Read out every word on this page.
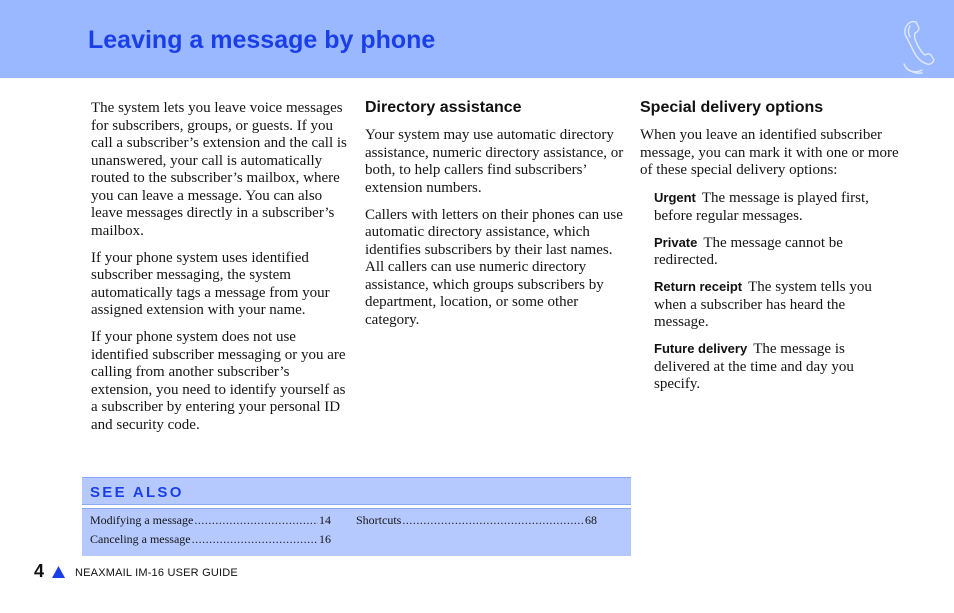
Leaving a message by phone

The system lets you leave voice messages for subscribers, groups, or guests. If you call a subscriber’s extension and the call is unanswered, your call is automatically routed to the subscriber’s mailbox, where you can leave a message. You can also leave messages directly in a subscriber’s mailbox.

If your phone system uses identified subscriber messaging, the system automatically tags a message from your assigned extension with your name.

If your phone system does not use identified subscriber messaging or you are calling from another subscriber’s extension, you need to identify yourself as a subscriber by entering your personal ID and security code.

Directory assistance

Your system may use automatic directory assistance, numeric directory assistance, or both, to help callers find subscribers’ extension numbers.

Callers with letters on their phones can use automatic directory assistance, which identifies subscribers by their last names. All callers can use numeric directory assistance, which groups subscribers by department, location, or some other category.

Special delivery options

When you leave an identified subscriber message, you can mark it with one or more of these special delivery options:

Urgent The message is played first, before regular messages.
Private The message cannot be redirected.
Return receipt The system tells you when a subscriber has heard the message.
Future delivery The message is delivered at the time and day you specify.
SEE ALSO
Modifying a message .....	14
Canceling a message .....	16
Shortcuts .....	68
4	NEAXMAIL IM-16 USER GUIDE
